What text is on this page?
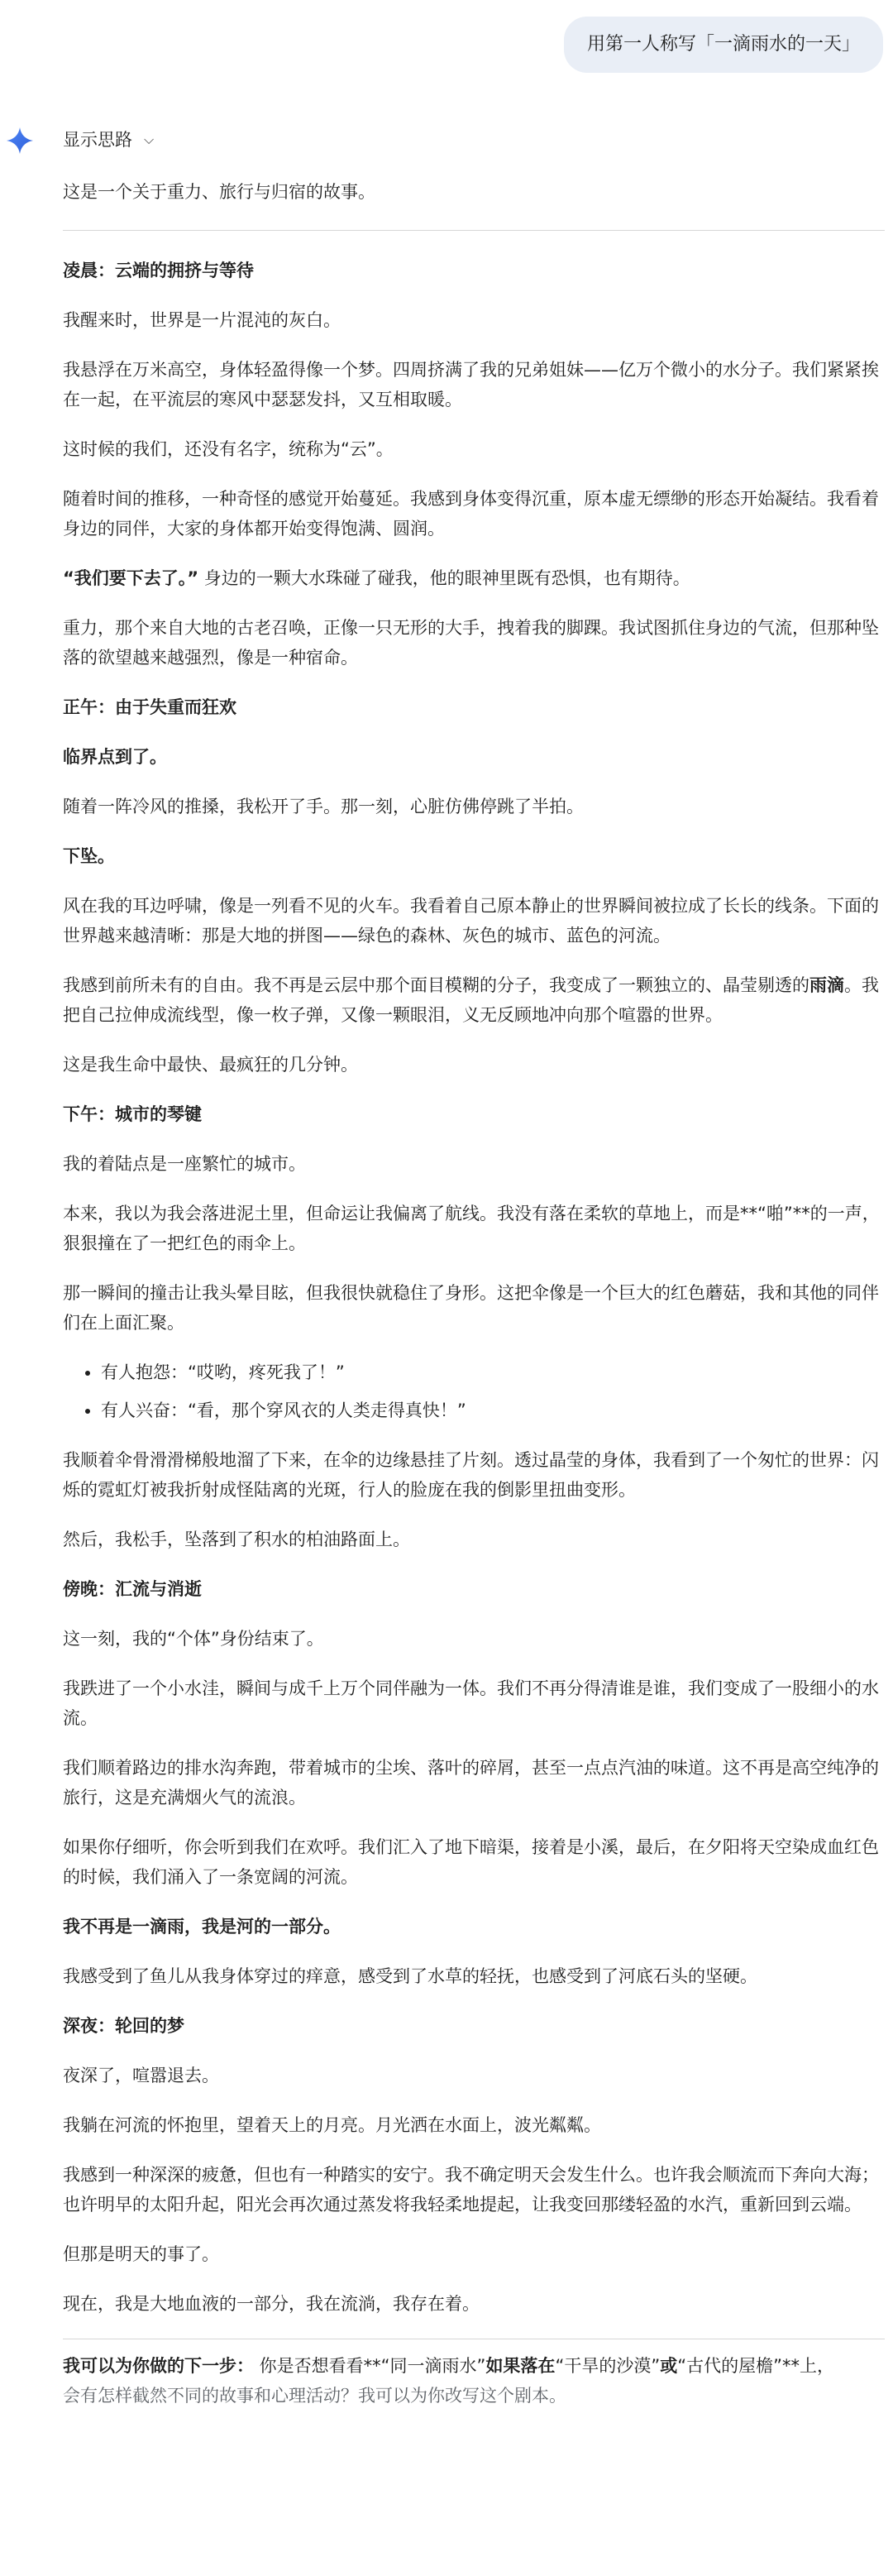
用第一人称写「一滴雨水的一天」
显示思路 ⌵

这是一个关于重力、旅行与归宿的故事。

凌晨：云端的拥挤与等待

我醒来时，世界是一片混沌的灰白。

我悬浮在万米高空，身体轻盈得像一个梦。四周挤满了我的兄弟姐妹——亿万个微小的水分子。我们紧紧挨在一起，在平流层的寒风中瑟瑟发抖，又互相取暖。

这时候的我们，还没有名字，统称为“云”。

随着时间的推移，一种奇怪的感觉开始蔓延。我感到身体变得沉重，原本虚无缥缈的形态开始凝结。我看着身边的同伴，大家的身体都开始变得饱满、圆润。

“我们要下去了。” 身边的一颗大水珠碰了碰我，他的眼神里既有恐惧，也有期待。

重力，那个来自大地的古老召唤，正像一只无形的大手，拽着我的脚踝。我试图抓住身边的气流，但那种坠落的欲望越来越强烈，像是一种宿命。

正午：由于失重而狂欢

临界点到了。

随着一阵冷风的推搡，我松开了手。那一刻，心脏仿佛停跳了半拍。

下坠。

风在我的耳边呼啸，像是一列看不见的火车。我看着自己原本静止的世界瞬间被拉成了长长的线条。下面的世界越来越清晰：那是大地的拼图——绿色的森林、灰色的城市、蓝色的河流。

我感到前所未有的自由。我不再是云层中那个面目模糊的分子，我变成了一颗独立的、晶莹剔透的雨滴。我把自己拉伸成流线型，像一枚子弹，又像一颗眼泪，义无反顾地冲向那个喧嚣的世界。

这是我生命中最快、最疯狂的几分钟。

下午：城市的琴键

我的着陆点是一座繁忙的城市。

本来，我以为我会落进泥土里，但命运让我偏离了航线。我没有落在柔软的草地上，而是**“啪”**的一声，狠狠撞在了一把红色的雨伞上。

那一瞬间的撞击让我头晕目眩，但我很快就稳住了身形。这把伞像是一个巨大的红色蘑菇，我和其他的同伴们在上面汇聚。

• 有人抱怨：“哎哟，疼死我了！”
• 有人兴奋：“看，那个穿风衣的人类走得真快！”

我顺着伞骨滑滑梯般地溜了下来，在伞的边缘悬挂了片刻。透过晶莹的身体，我看到了一个匆忙的世界：闪烁的霓虹灯被我折射成怪陆离的光斑，行人的脸庞在我的倒影里扭曲变形。

然后，我松手，坠落到了积水的柏油路面上。

傍晚：汇流与消逝

这一刻，我的“个体”身份结束了。

我跌进了一个小水洼，瞬间与成千上万个同伴融为一体。我们不再分得清谁是谁，我们变成了一股细小的水流。

我们顺着路边的排水沟奔跑，带着城市的尘埃、落叶的碎屑，甚至一点点汽油的味道。这不再是高空纯净的旅行，这是充满烟火气的流浪。

如果你仔细听，你会听到我们在欢呼。我们汇入了地下暗渠，接着是小溪，最后，在夕阳将天空染成血红色的时候，我们涌入了一条宽阔的河流。

我不再是一滴雨，我是河的一部分。

我感受到了鱼儿从我身体穿过的痒意，感受到了水草的轻抚，也感受到了河底石头的坚硬。

深夜：轮回的梦

夜深了，喧嚣退去。

我躺在河流的怀抱里，望着天上的月亮。月光洒在水面上，波光粼粼。

我感到一种深深的疲惫，但也有一种踏实的安宁。我不确定明天会发生什么。也许我会顺流而下奔向大海；也许明早的太阳升起，阳光会再次通过蒸发将我轻柔地提起，让我变回那缕轻盈的水汽，重新回到云端。

但那是明天的事了。

现在，我是大地血液的一部分，我在流淌，我存在着。

我可以为你做的下一步： 你是否想看看**“同一滴雨水”如果落在“干旱的沙漠”或“古代的屋檐”**上，
会有怎样截然不同的故事和心理活动？我可以为你改写这个剧本。
